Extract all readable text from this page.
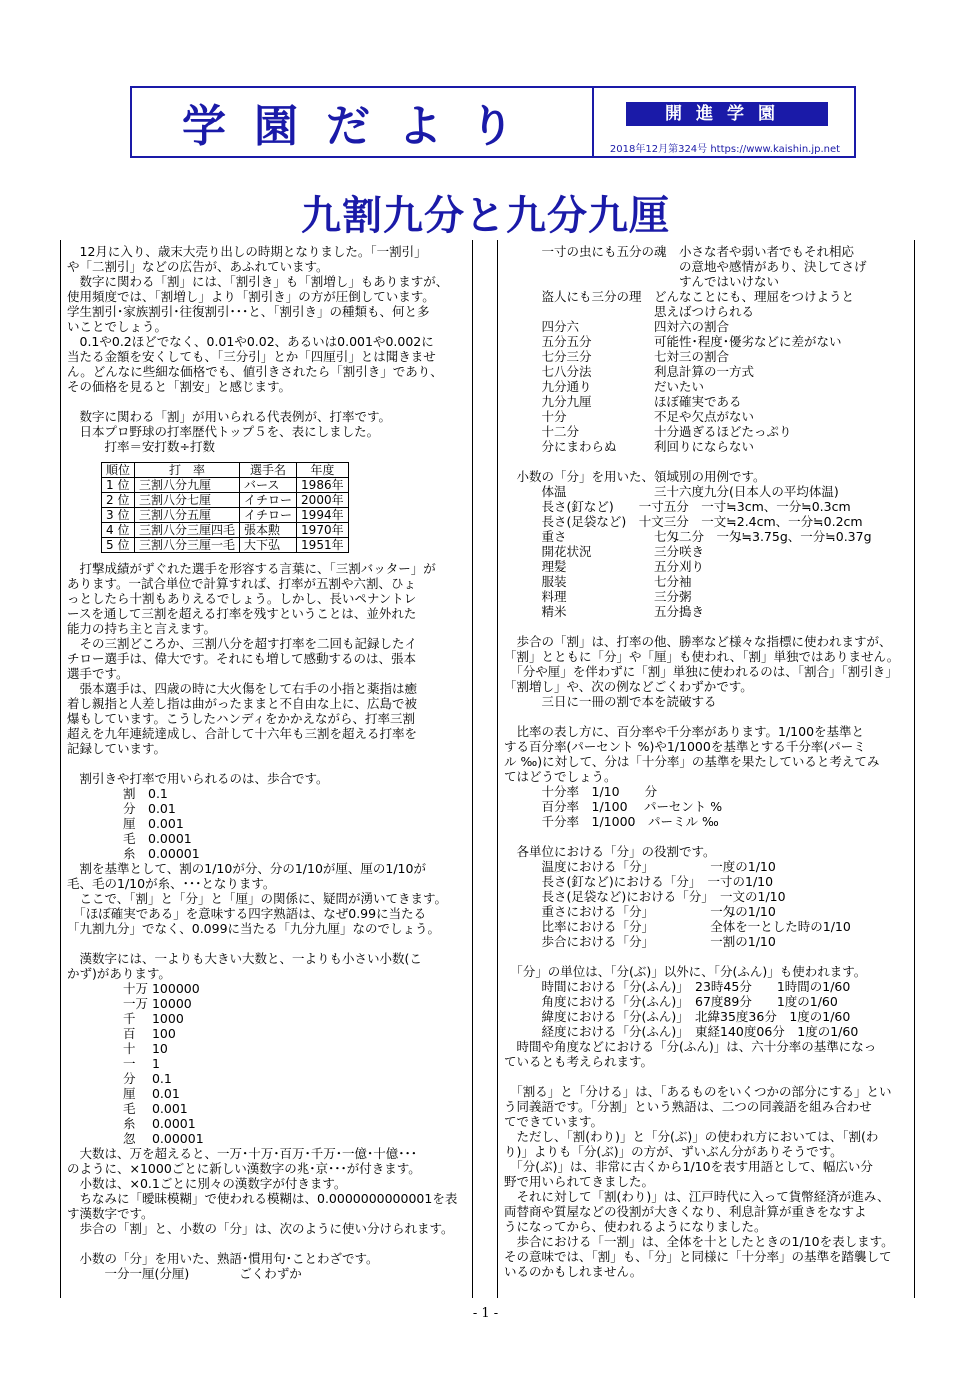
学園だより	開進学園
2018年12月第324号 https://www.kaishin.jp.net
九割九分と九分九厘
　12月に入り、歳末大売り出しの時期となりました。「一割引」
や「二割引」などの広告が、あふれています。
　数字に関わる「割」には、「割引き」も「割増し」もありますが、
使用頻度では、「割増し」より「割引き」の方が圧倒しています。
学生割引･家族割引･往復割引･･･と、「割引き」の種類も、何と多
いことでしょう。
　0.1や0.2ほどでなく、0.01や0.02、あるいは0.001や0.002に
当たる金額を安くしても、「三分引」とか「四厘引」とは聞きませ
ん。どんなに些細な価格でも、値引きされたら「割引き」であり、
その価格を見ると「割安」と感じます。
　数字に関わる「割」が用いられる代表例が、打率です。
　日本プロ野球の打率歴代トップ５を、表にしました。
　　　打率＝安打数÷打数
順位	打　率	選手名	年度
1 位	三割八分九厘	バース	1986年
2 位	三割八分七厘	イチロー	2000年
3 位	三割八分五厘	イチロー	1994年
4 位	三割八分三厘四毛	張本勲	1970年
5 位	三割八分三厘一毛	大下弘	1951年
　打撃成績がずぐれた選手を形容する言葉に、「三割バッター」が
あります。一試合単位で計算すれば、打率が五割や六割、ひょ
っとしたら十割もありえるでしょう。しかし、長いペナントレ
ースを通して三割を超える打率を残すということは、並外れた
能力の持ち主と言えます。
　その三割どころか、三割八分を超す打率を二回も記録したイ
チロー選手は、偉大です。それにも増して感動するのは、張本
選手です。
　張本選手は、四歳の時に大火傷をして右手の小指と薬指は癒
着し親指と人差し指は曲がったままと不自由な上に、広島で被
爆もしています。こうしたハンディをかかえながら、打率三割
超えを九年連続達成し、合計して十六年も三割を超える打率を
記録しています。
　割引きや打率で用いられるのは、歩合です。
割　0.1
分　0.01
厘　0.001
毛　0.0001
糸　0.00001
　割を基準として、割の1/10が分、分の1/10が厘、厘の1/10が
毛、毛の1/10が糸、･･･となります。
　ここで、「割」と「分」と「厘」の関係に、疑問が湧いてきます。
　「ほぼ確実である」を意味する四字熟語は、なぜ0.99に当たる
「九割九分」でなく、0.099に当たる「九分九厘」なのでしょう。
　漢数字には、一よりも大きい大数と、一よりも小さい小数(こ
かず)があります。
十万 100000
一万 10000
千　 1000
百　 100
十　 10
一　 1
分　 0.1
厘　 0.01
毛　 0.001
糸　 0.0001
忽　 0.00001
　大数は、万を超えると、一万･十万･百万･千万･一億･十億･･･
のように、×1000ごとに新しい漢数字の兆･京･･･が付きます。
　小数は、×0.1ごとに別々の漢数字が付きます。
　ちなみに「曖昧模糊」で使われる模糊は、0.0000000000001を表
す漢数字です。
　歩合の「割」と、小数の「分」は、次のように使い分けられます。
　小数の「分」を用いた、熟語･慣用句･ことわざです。
　　　一分一厘(分厘)　　　　ごくわずか
　　　一寸の虫にも五分の魂　小さな者や弱い者でもそれ相応
　　　　　　　　　　　　　　の意地や感情があり、決してさげ
　　　　　　　　　　　　　　すんではいけない
　　　盗人にも三分の理　どんなことにも、理屈をつけようと
　　　　　　　　　　　　思えばつけられる
　　　四分六　　　　　　四対六の割合
　　　五分五分　　　　　可能性･程度･優劣などに差がない
　　　七分三分　　　　　七対三の割合
　　　七八分法　　　　　利息計算の一方式
　　　九分通り　　　　　だいたい
　　　九分九厘　　　　　ほぼ確実である
　　　十分　　　　　　　不足や欠点がない
　　　十二分　　　　　　十分過ぎるほどたっぷり
　　　分にまわらぬ　　　利回りにならない
　小数の「分」を用いた、領域別の用例です。
　　　体温　　　　　　　三十六度九分(日本人の平均体温)
　　　長さ(釘など)　　一寸五分　一寸≒3cm、一分≒0.3cm
　　　長さ(足袋など)　十文三分　一文≒2.4cm、一分≒0.2cm
　　　重さ　　　　　　　七匁二分　一匁≒3.75g、一分≒0.37g
　　　開花状況　　　　　三分咲き
　　　理髪　　　　　　　五分刈り
　　　服装　　　　　　　七分袖
　　　料理　　　　　　　三分粥
　　　精米　　　　　　　五分搗き
　歩合の「割」は、打率の他、勝率など様々な指標に使われますが、
「割」とともに「分」や「厘」も使われ、「割」単独ではありません。
　「分や厘」を伴わずに「割」単独に使われるのは、「割合」「割引き」
「割増し」や、次の例などごくわずかです。
　　　三日に一冊の割で本を読破する
　比率の表し方に、百分率や千分率があります。1/100を基準と
する百分率(パーセント %)や1/1000を基準とする千分率(パーミ
ル ‰)に対して、分は「十分率」の基準を果たしていると考えてみ
てはどうでしょう。
　　　十分率　1/10　　分
　　　百分率　1/100　 パーセント %
　　　千分率　1/1000　パーミル ‰
　各単位における「分」の役割です。
　　　温度における「分」　　　　　一度の1/10
　　　長さ(釘など)における「分」　一寸の1/10
　　　長さ(足袋など)における「分」　一文の1/10
　　　重さにおける「分」　　　　　一匁の1/10
　　　比率における「分」　　　　　全体を一とした時の1/10
　　　歩合における「分」　　　　　一割の1/10
　「分」の単位は、「分(ぶ)」以外に、「分(ふん)」も使われます。
　　　時間における「分(ふん)」　23時45分　　1時間の1/60
　　　角度における「分(ふん)」　67度89分　　1度の1/60
　　　緯度における「分(ふん)」　北緯35度36分　1度の1/60
　　　経度における「分(ふん)」　東経140度06分　1度の1/60
　時間や角度などにおける「分(ふん)」は、六十分率の基準になっ
ているとも考えられます。
　「割る」と「分ける」は、「あるものをいくつかの部分にする」とい
う同義語です。「分割」という熟語は、二つの同義語を組み合わせ
てできています。
　ただし、「割(わり)」と「分(ぶ)」の使われ方においては、「割(わ
り)」よりも「分(ぶ)」の方が、ずいぶん分がありそうです。
　「分(ぶ)」は、非常に古くから1/10を表す用語として、幅広い分
野で用いられてきました。
　それに対して「割(わり)」は、江戸時代に入って貨幣経済が進み、
両替商や質屋などの役割が大きくなり、利息計算が重きをなすよ
うになってから、使われるようになりました。
　歩合における「一割」は、全体を十としたときの1/10を表します。
その意味では、「割」も、「分」と同様に「十分率」の基準を踏襲して
いるのかもしれません。
- 1 -
